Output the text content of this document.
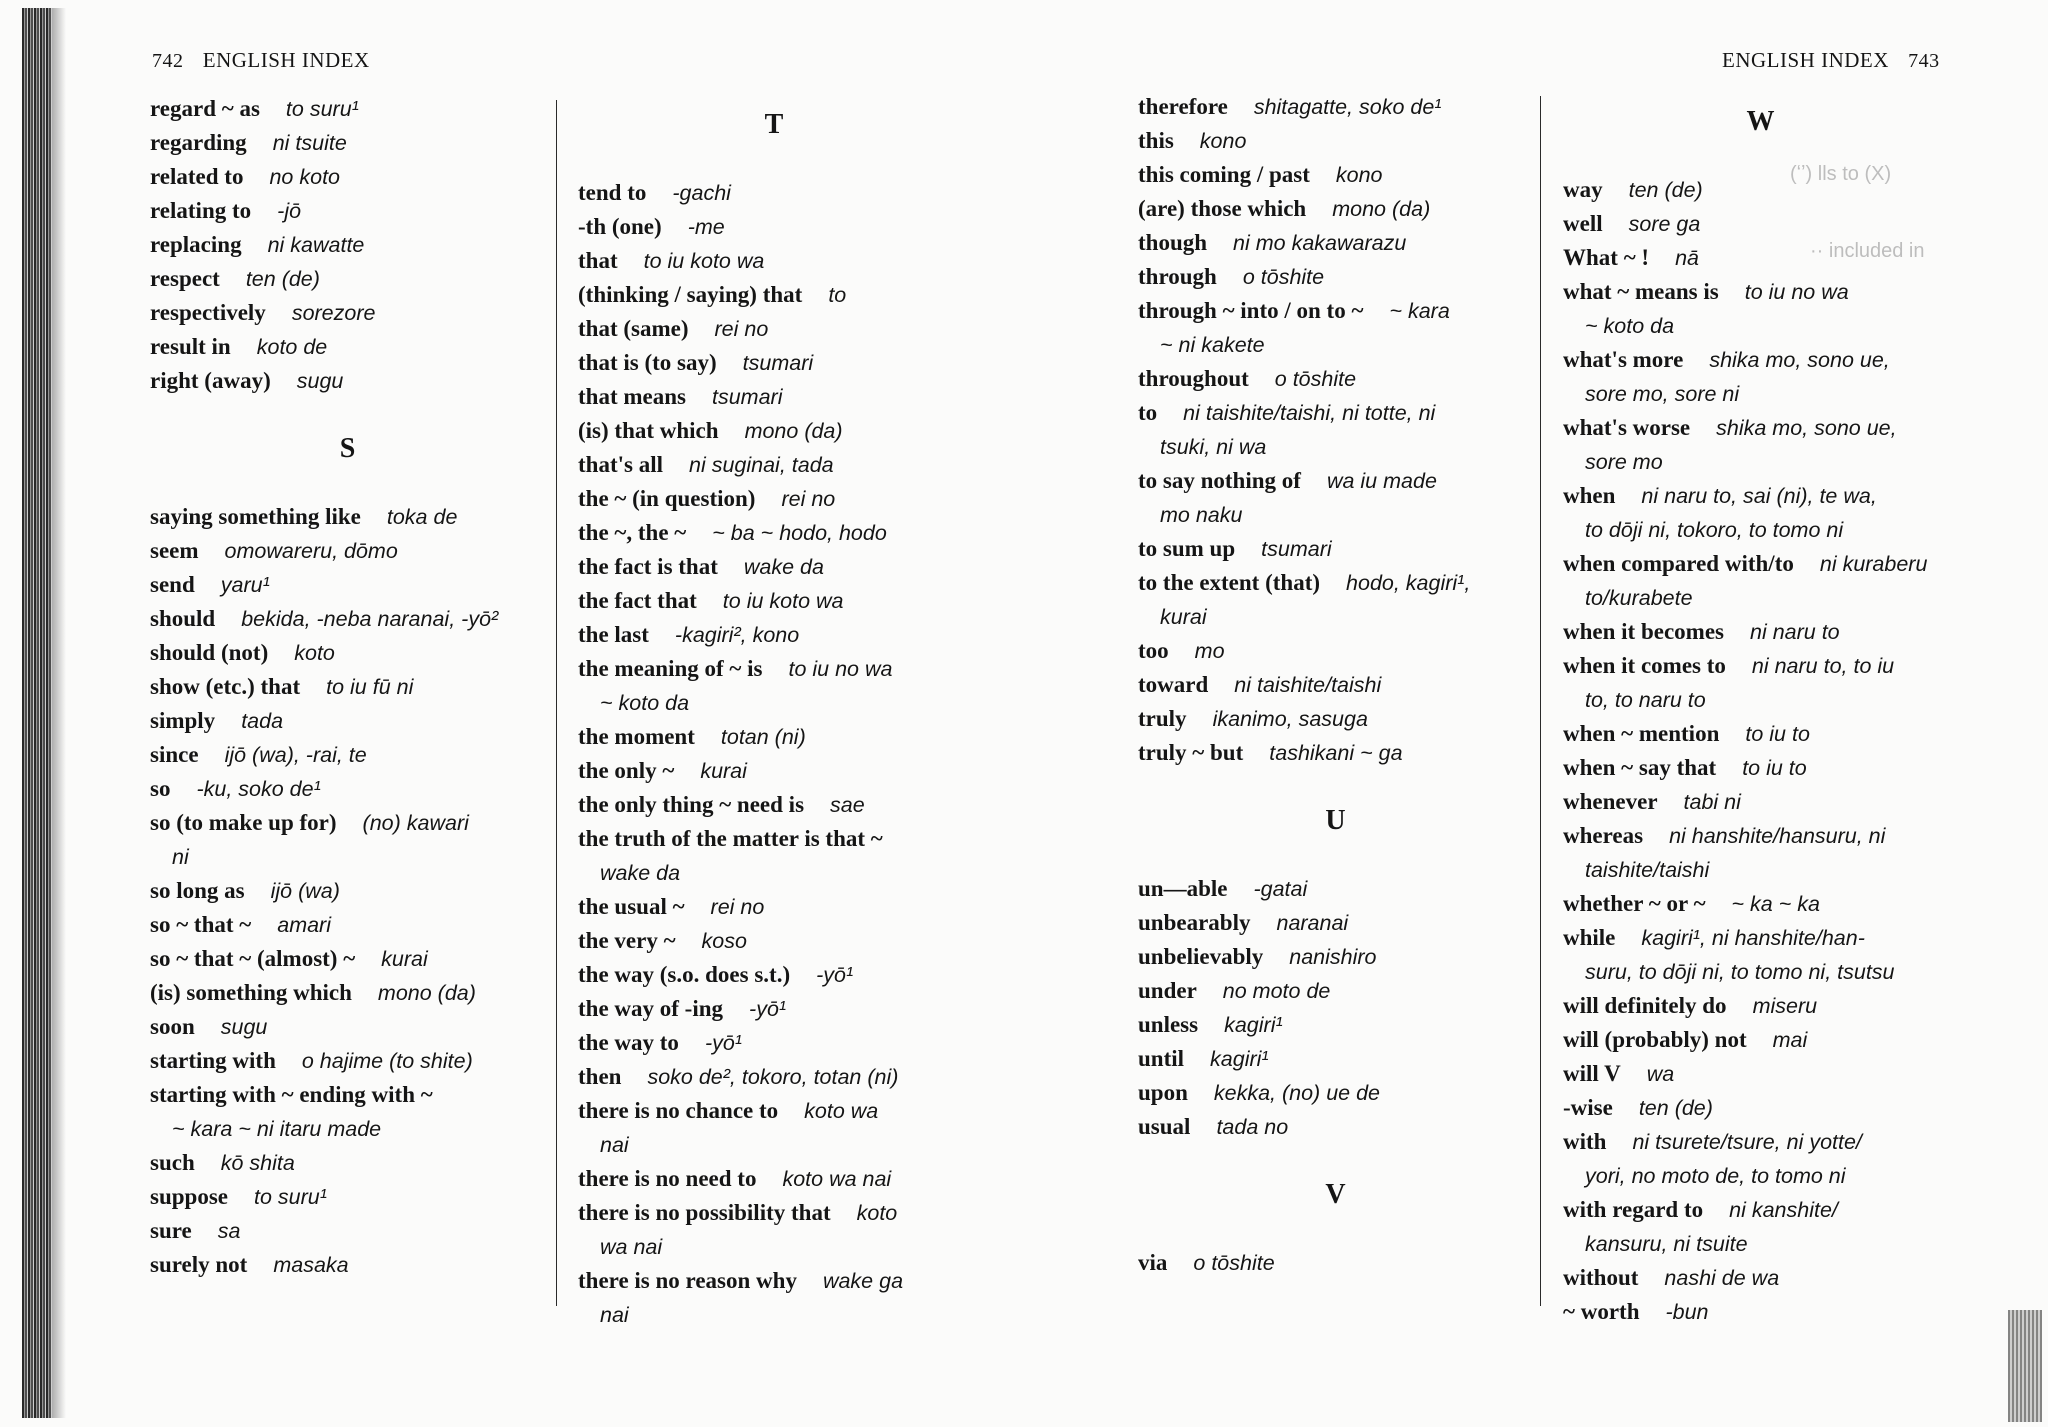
742 ENGLISH INDEX	ENGLISH INDEX 743
regard ~ as to suru¹
regarding ni tsuite
related to no koto
relating to -jō
replacing ni kawatte
respect ten (de)
respectively sorezore
result in koto de
right (away) sugu
S
saying something like toka de
seem omowareru, dōmo
send yaru¹
should bekida, -neba naranai, -yō²
should (not) koto
show (etc.) that to iu fū ni
simply tada
since ijō (wa), -rai, te
so -ku, soko de¹
so (to make up for) (no) kawari
ni
so long as ijō (wa)
so ~ that ~ amari
so ~ that ~ (almost) ~ kurai
(is) something which mono (da)
soon sugu
starting with o hajime (to shite)
starting with ~ ending with ~
~ kara ~ ni itaru made
such kō shita
suppose to suru¹
sure sa
surely not masaka
T
tend to -gachi
-th (one) -me
that to iu koto wa
(thinking / saying) that to
that (same) rei no
that is (to say) tsumari
that means tsumari
(is) that which mono (da)
that's all ni suginai, tada
the ~ (in question) rei no
the ~, the ~ ~ ba ~ hodo, hodo
the fact is that wake da
the fact that to iu koto wa
the last -kagiri², kono
the meaning of ~ is to iu no wa
~ koto da
the moment totan (ni)
the only ~ kurai
the only thing ~ need is sae
the truth of the matter is that ~
wake da
the usual ~ rei no
the very ~ koso
the way (s.o. does s.t.) -yō¹
the way of -ing -yō¹
the way to -yō¹
then soko de², tokoro, totan (ni)
there is no chance to koto wa
nai
there is no need to koto wa nai
there is no possibility that koto
wa nai
there is no reason why wake ga
nai
therefore shitagatte, soko de¹
this kono
this coming / past kono
(are) those which mono (da)
though ni mo kakawarazu
through o tōshite
through ~ into / on to ~ ~ kara
~ ni kakete
throughout o tōshite
to ni taishite/taishi, ni totte, ni
tsuki, ni wa
to say nothing of wa iu made
mo naku
to sum up tsumari
to the extent (that) hodo, kagiri¹,
kurai
too mo
toward ni taishite/taishi
truly ikanimo, sasuga
truly ~ but tashikani ~ ga
U
un—able -gatai
unbearably naranai
unbelievably nanishiro
under no moto de
unless kagiri¹
until kagiri¹
upon kekka, (no) ue de
usual tada no
V
via o tōshite
W
way ten (de)
well sore ga
What ~ ! nā
what ~ means is to iu no wa
~ koto da
what's more shika mo, sono ue,
sore mo, sore ni
what's worse shika mo, sono ue,
sore mo
when ni naru to, sai (ni), te wa,
to dōji ni, tokoro, to tomo ni
when compared with/to ni kuraberu
to/kurabete
when it becomes ni naru to
when it comes to ni naru to, to iu
to, to naru to
when ~ mention to iu to
when ~ say that to iu to
whenever tabi ni
whereas ni hanshite/hansuru, ni
taishite/taishi
whether ~ or ~ ~ ka ~ ka
while kagiri¹, ni hanshite/han-
suru, to dōji ni, to tomo ni, tsutsu
will definitely do miseru
will (probably) not mai
will V wa
-wise ten (de)
with ni tsurete/tsure, ni yotte/
yori, no moto de, to tomo ni
with regard to ni kanshite/
kansuru, ni tsuite
without nashi de wa
~ worth -bun
(ʻʼ) lls to (X)
·· included in
